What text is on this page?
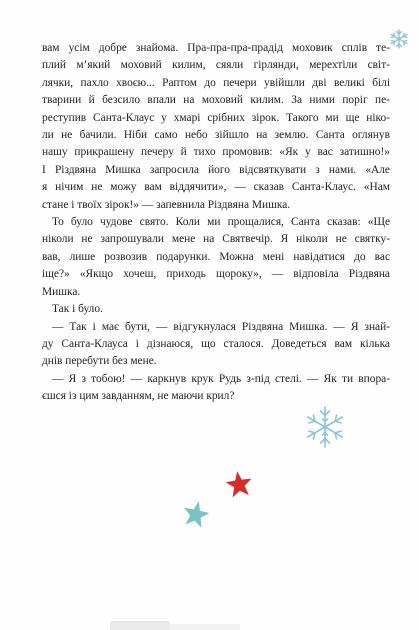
вам усім добре знайома. Пра-пра-пра-прадід моховик сплів те-
плий м’який моховий килим, сяяли гірлянди, мерехтіли світ-
лячки, пахло хвоєю... Раптом до печери увійшли дві великі білі
тварини й безсило впали на моховий килим. За ними поріг пе-
реступив Санта-Клаус у хмарі срібних зірок. Такого ми ще ніко-
ли не бачили. Ніби само небо зійшло на землю. Санта оглянув
нашу прикрашену печеру й тихо промовив: «Як у вас затишно!»
І Різдвяна Мишка запросила його відсвяткувати з нами. «Але
я нічим не можу вам віддячити», — сказав Санта-Клаус. «Нам
стане і твоїх зірок!» — запевнила Різдвяна Мишка.
То було чудове свято. Коли ми прощалися, Санта сказав: «Ще
ніколи не запрошували мене на Святвечір. Я ніколи не святку-
вав, лише розвозив подарунки. Можна мені навідатися до вас
іще?» «Якщо хочеш, приходь щороку», — відповіла Різдвяна
Мишка.
Так і було.
— Так і має бути, — відгукнулася Різдвяна Мишка. — Я знай-
ду Санта-Клауса і дізнаюся, що сталося. Доведеться вам кілька
днів перебути без мене.
— Я з тобою! — каркнув крук Рудь з-під стелі. — Як ти впора-
єшся із цим завданням, не маючи крил?
